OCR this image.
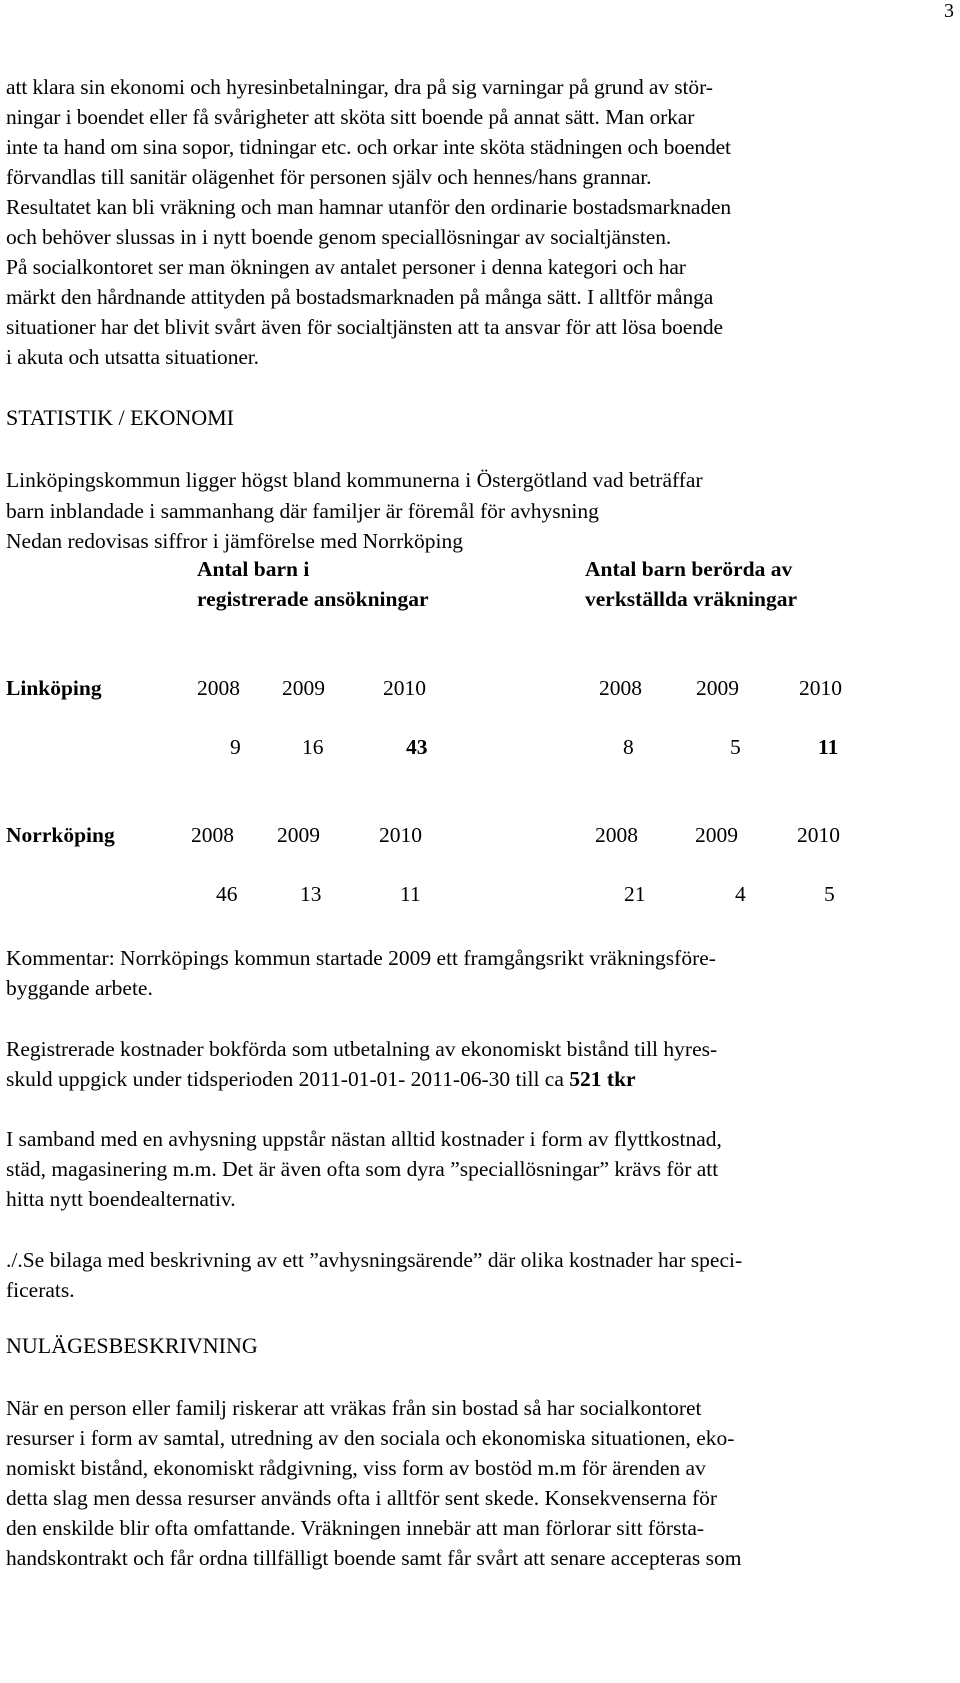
3
att klara sin ekonomi och hyresinbetalningar, dra på sig varningar på grund av stör-
ningar i boendet eller få svårigheter att sköta sitt boende på annat sätt. Man orkar
inte ta hand om sina sopor, tidningar etc. och orkar inte sköta städningen och boendet
förvandlas till sanitär olägenhet för personen själv och hennes/hans grannar.
Resultatet kan bli vräkning och man hamnar utanför den ordinarie bostadsmarknaden
och behöver slussas in i nytt boende genom speciallösningar av socialtjänsten.
På socialkontoret ser man ökningen av antalet personer i denna kategori och har
märkt den hårdnande attityden på bostadsmarknaden på många sätt. I alltför många
situationer har det blivit svårt även för socialtjänsten att ta ansvar för att lösa boende
i akuta och utsatta situationer.
STATISTIK / EKONOMI
Linköpingskommun ligger högst bland kommunerna i Östergötland vad beträffar
barn inblandade i sammanhang där familjer är föremål för avhysning
Nedan redovisas siffror i jämförelse med Norrköping
Antal barn i
registrerade ansökningar
Antal barn berörda av
verkställda vräkningar
Linköping	2008 2009	2010	2008	2009	2010
9	16	43	8	5	11
Norrköping	2008 2009	2010	2008	2009	2010
46	13	11	21	4	5
Kommentar: Norrköpings kommun startade 2009 ett framgångsrikt vräkningsföre-
byggande arbete.
Registrerade kostnader bokförda som utbetalning av ekonomiskt bistånd till hyres-
skuld uppgick under tidsperioden 2011-01-01- 2011-06-30 till ca 521 tkr
I samband med en avhysning uppstår nästan alltid kostnader i form av flyttkostnad,
städ, magasinering m.m. Det är även ofta som dyra ”speciallösningar” krävs för att
hitta nytt boendealternativ.
./.Se bilaga med beskrivning av ett ”avhysningsärende” där olika kostnader har speci-
ficerats.
NULÄGESBESKRIVNING
När en person eller familj riskerar att vräkas från sin bostad så har socialkontoret
resurser i form av samtal, utredning av den sociala och ekonomiska situationen, eko-
nomiskt bistånd, ekonomiskt rådgivning, viss form av bostöd m.m för ärenden av
detta slag men dessa resurser används ofta i alltför sent skede. Konsekvenserna för
den enskilde blir ofta omfattande. Vräkningen innebär att man förlorar sitt första-
handskontrakt och får ordna tillfälligt boende samt får svårt att senare accepteras som
